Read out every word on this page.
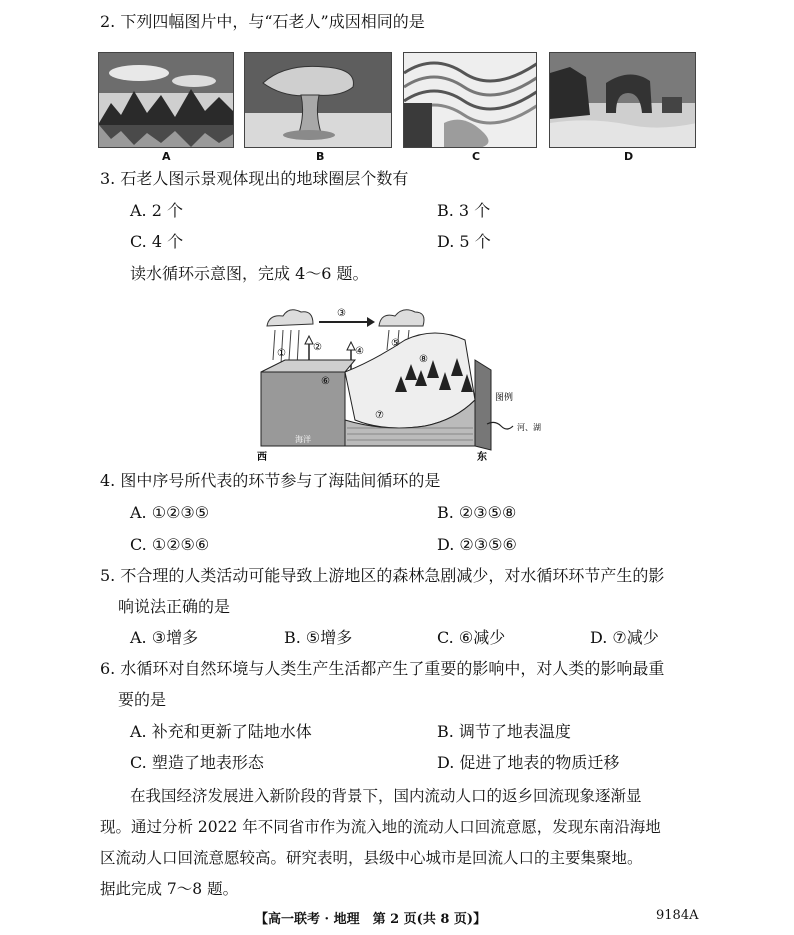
2. 下列四幅图片中，与“石老人”成因相同的是
A	B	C	D
3. 石老人图示景观体现出的地球圈层个数有
A. 2 个	B. 3 个
C. 4 个	D. 5 个
读水循环示意图，完成 4～6 题。
①
②
③
④
⑤
⑥
⑦
⑧
海洋
图例
河、湖
西	东
4. 图中序号所代表的环节参与了海陆间循环的是
A. ①②③⑤	B. ②③⑤⑧
C. ①②⑤⑥	D. ②③⑤⑥
5. 不合理的人类活动可能导致上游地区的森林急剧减少，对水循环环节产生的影
响说法正确的是
A. ③增多	B. ⑤增多	C. ⑥减少	D. ⑦减少
6. 水循环对自然环境与人类生产生活都产生了重要的影响中，对人类的影响最重
要的是
A. 补充和更新了陆地水体	B. 调节了地表温度
C. 塑造了地表形态	D. 促进了地表的物质迁移
在我国经济发展进入新阶段的背景下，国内流动人口的返乡回流现象逐渐显
现。通过分析 2022 年不同省市作为流入地的流动人口回流意愿，发现东南沿海地
区流动人口回流意愿较高。研究表明，县级中心城市是回流人口的主要集聚地。
据此完成 7～8 题。
【高一联考 · 地理　第 2 页(共 8 页)】	9184A
